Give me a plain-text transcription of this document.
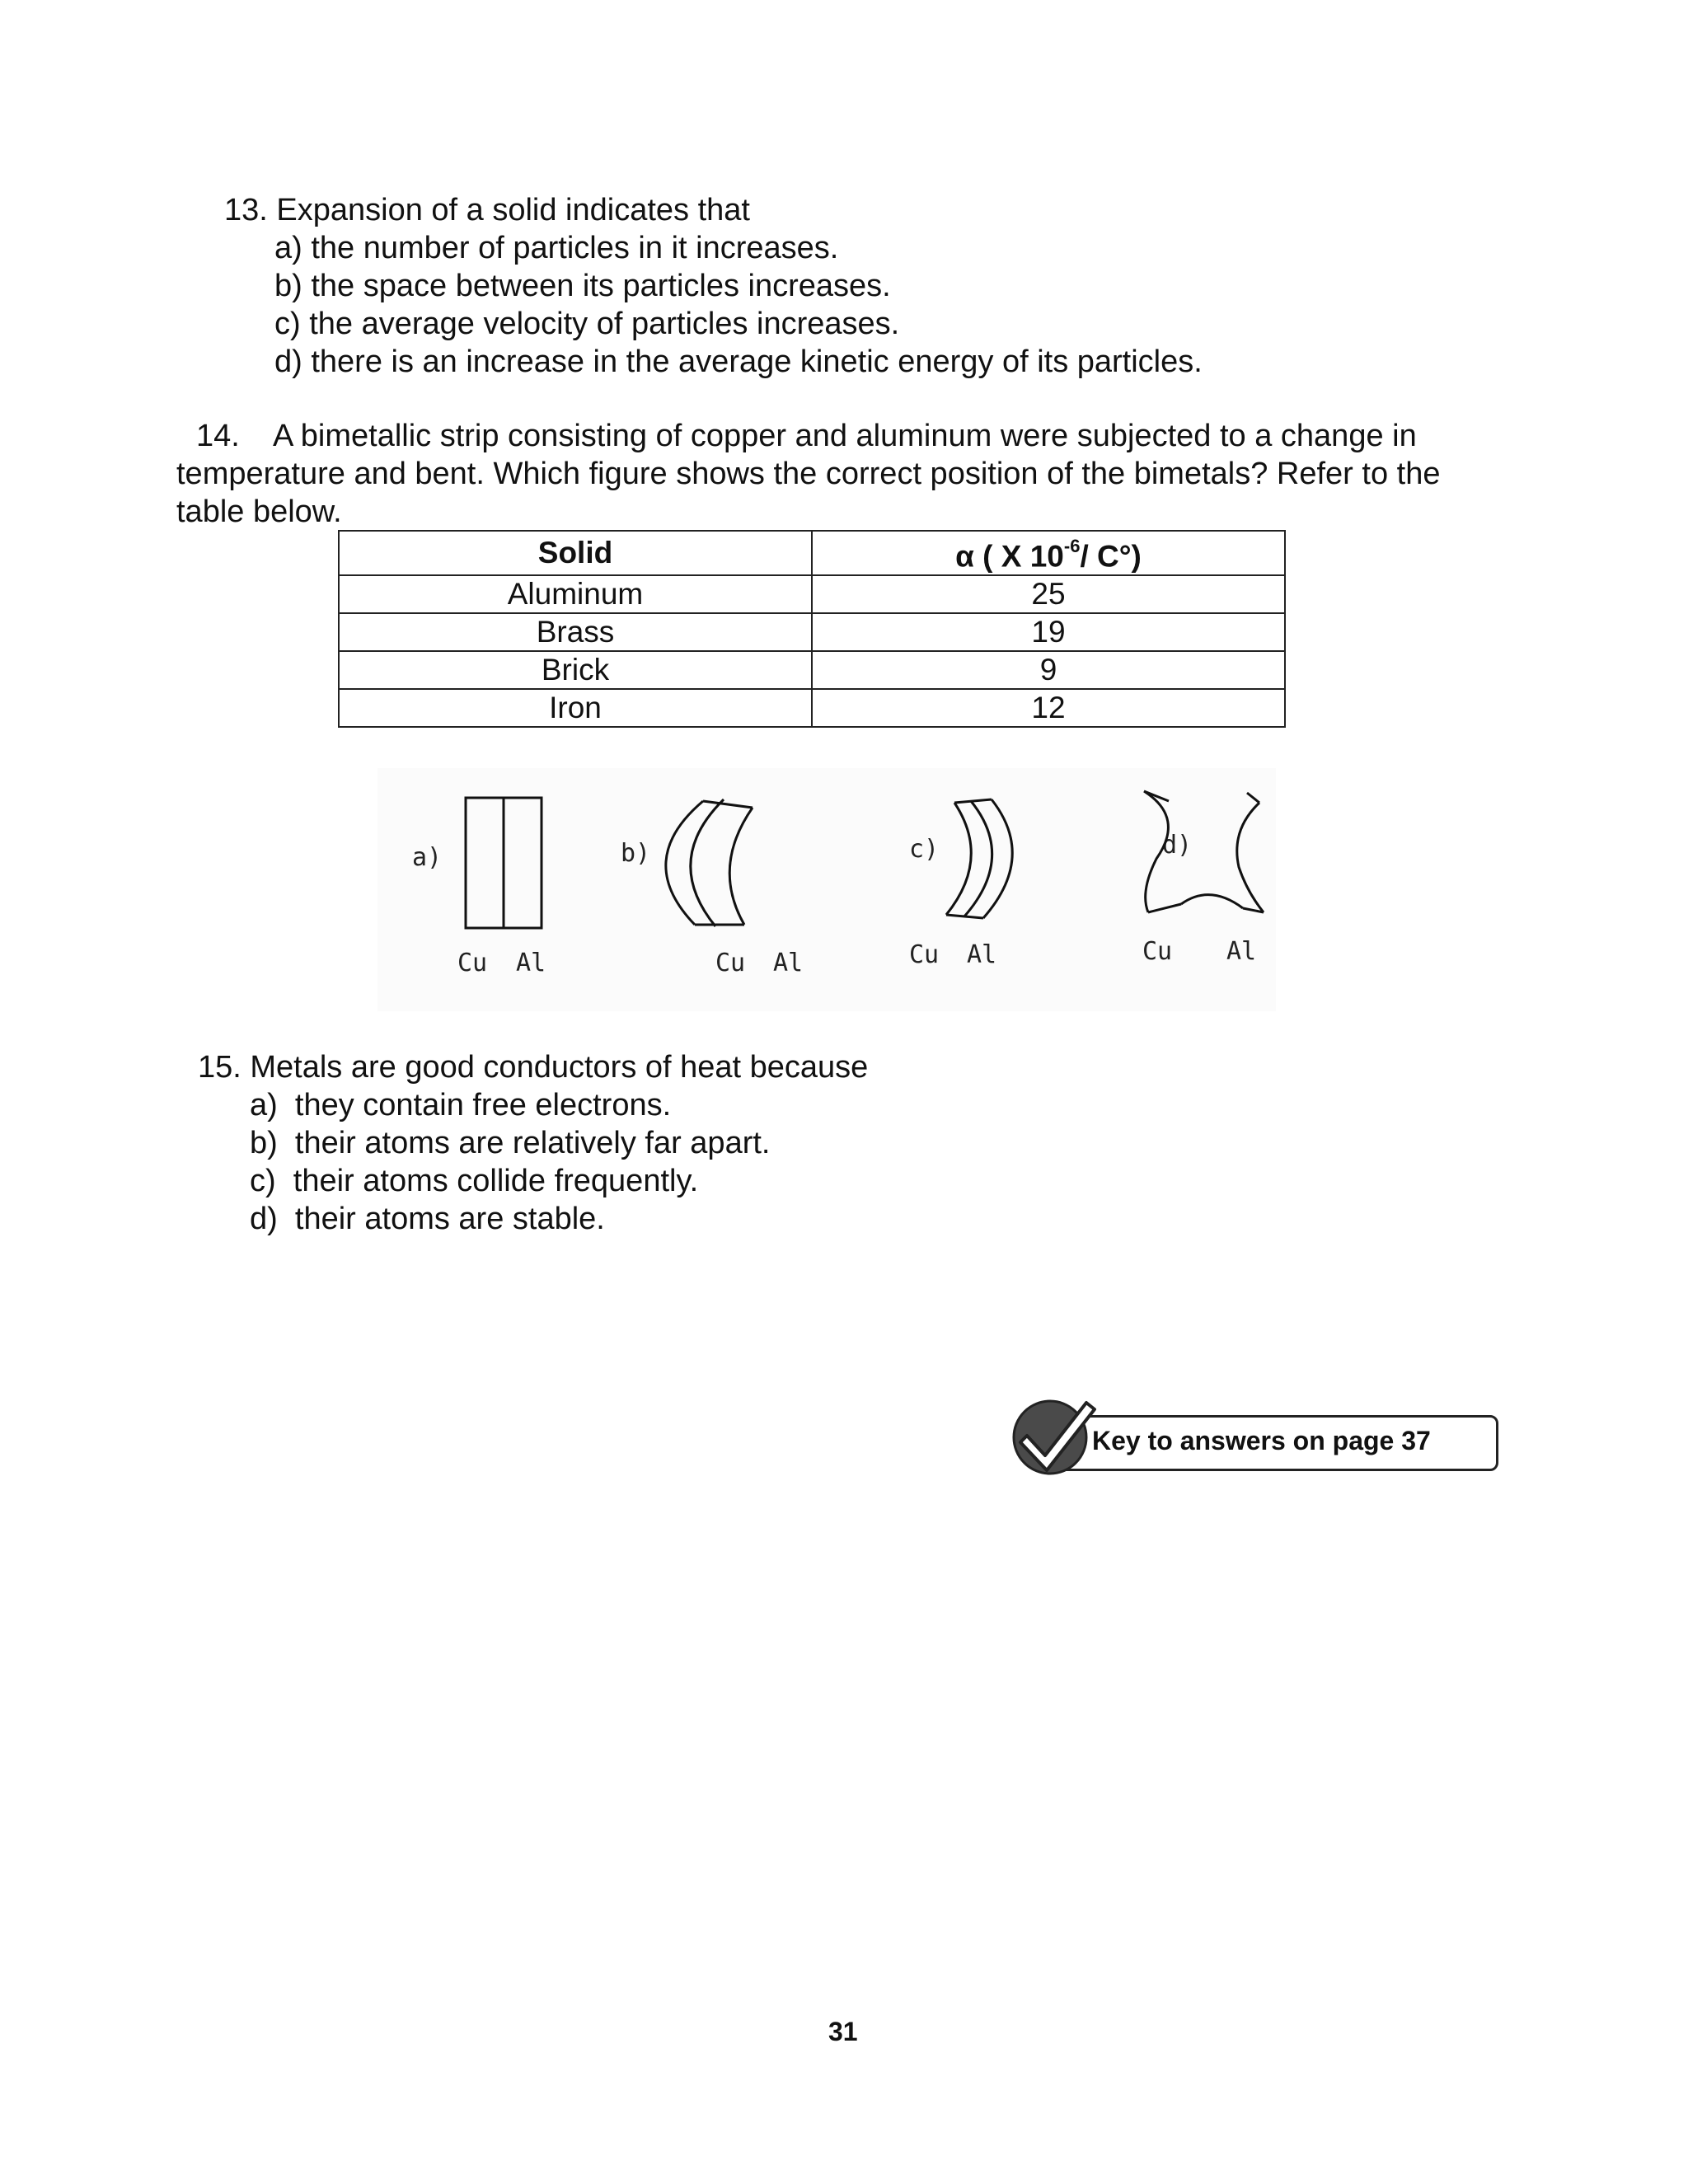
13. Expansion of a solid indicates that
a) the number of particles in it increases.
b) the space between its particles increases.
c) the average velocity of particles increases.
d) there is an increase in the average kinetic energy of its particles.
14.    A bimetallic strip consisting of copper and aluminum were subjected to a change in
temperature and bent. Which figure shows the correct position of the bimetals? Refer to the
table below.
Solid	α ( X $10^{-6}/$ C°)
Aluminum	25
Brass	19
Brick	9
Iron	12
a)
Cu Al
b)
Cu Al
c)
Cu Al
d)
Cu Al
15. Metals are good conductors of heat because
a)  they contain free electrons.
b)  their atoms are relatively far apart.
c)  their atoms collide frequently.
d)  their atoms are stable.
Key to answers on page 37
31
